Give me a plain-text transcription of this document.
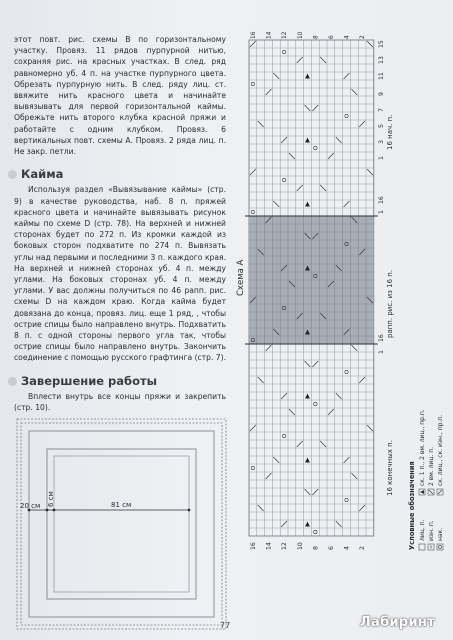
этот повт. рис. схемы В по горизонтальному участку. Провяз. 11 рядов пурпурной нитью, сохраняя рис. на красных участках. В след. ряд равномерно уб. 4 п. на участке пурпурного цвета. Обрезать пурпурную нить. В след. ряду лиц. ст. ввяжите нить красного цвета и начинайте вывязывать для первой горизонтальной каймы. Обрежьте нить второго клубка красной пряжи и работайте с одним клубком. Провяз. 6 вертикальных повт. схемы А. Провяз. 2 ряда лиц. п. Не закр. петли.

Кайма

Используя раздел «Вывязывание каймы» (стр. 9) в качестве руководства, наб. 8 п. пряжей красного цвета и начинайте вывязывать рисунок каймы по схеме D (стр. 78). На верхней и нижней сторонах будет по 272 п. Из кромки каждой из боковых сторон подхватите по 274 п. Вывязать углы над первыми и последними 3 п. каждого края. На верхней и нижней сторонах уб. 4 п. между углами. На боковых сторонах уб. 4 п. между углами. У вас должны получиться по 46 рапп. рис. схемы D на каждом краю. Когда кайма будет довязана до конца, провяз. лиц. еще 1 ряд, , чтобы острие спицы было направлено внутрь. Подхватить 8 п. с одной стороны первого угла так, чтобы острие спицы было направлено внутрь. Закончить соединение с помощью русского графтинга (стр. 7).

Завершение работы

Вплести внутрь все концы пряжи и закрепить (стр. 10).

20 см 6 см	81 см
15
13
11
9
7
5
3
1
16 нач. п.
рапп. рис. из 16 п.
16 конечных п.
Схема А
1
16
1
16
16 14 12 10 8 6 4 2
16 14 12 10 8 6 4 2
Условные обозначения лиц. п. изн. п. нак.
ск. 1 п., 2 вм. лиц., пр.п. 2 вм. лиц. п. ск. лиц., ск. изн., пр.п.
77	Лабиринт
